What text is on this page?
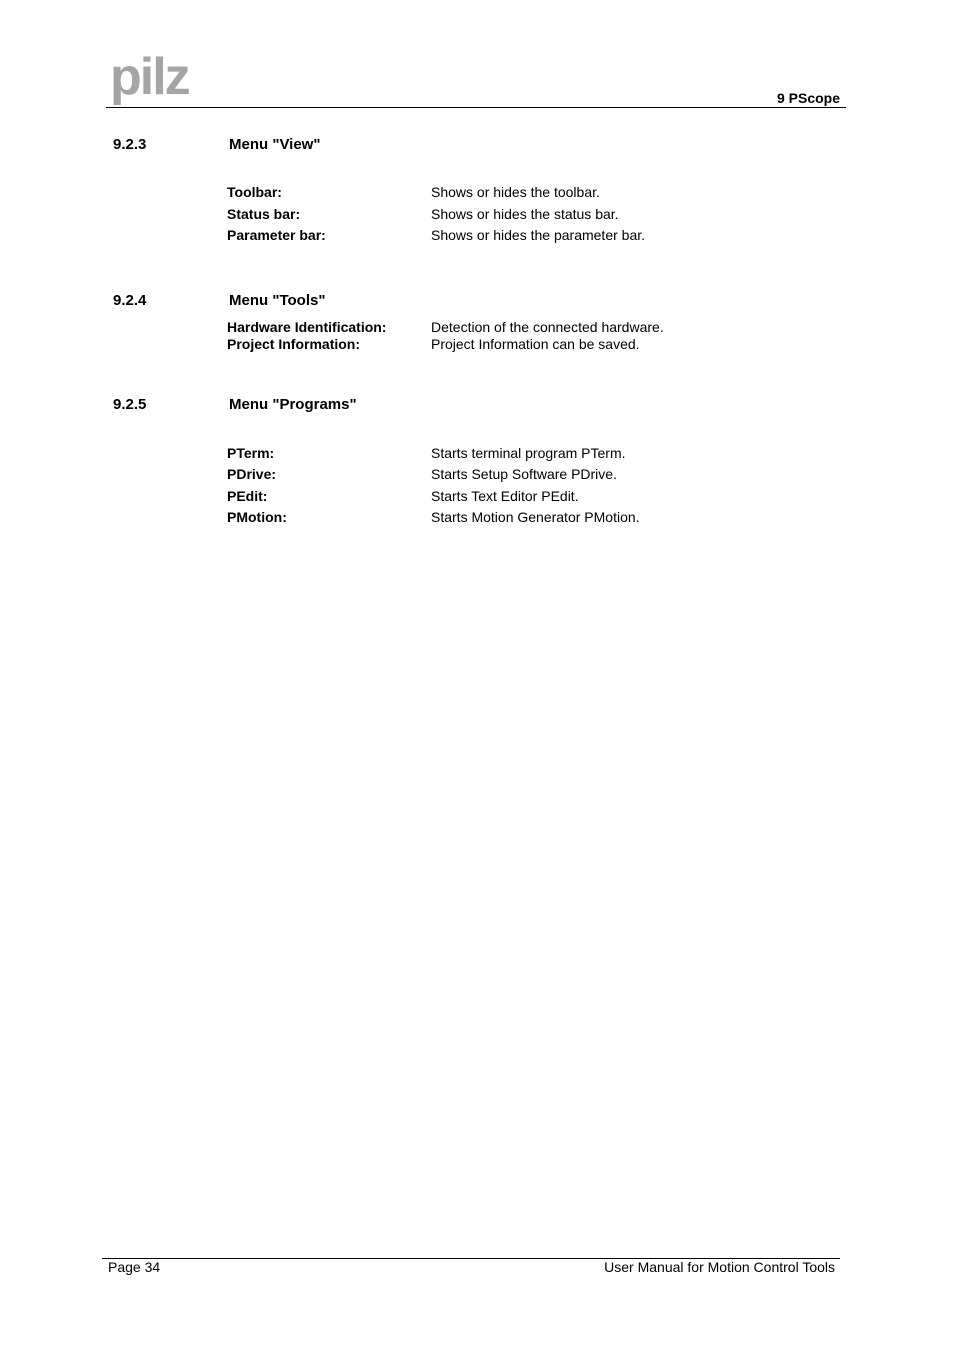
pilz	9 PScope
9.2.3	Menu "View"
Toolbar:	Shows or hides the toolbar.
Status bar:	Shows or hides the status bar.
Parameter bar:	Shows or hides the parameter bar.
9.2.4	Menu "Tools"
Hardware Identification:	Detection of the connected hardware.
Project Information:	Project Information can be saved.
9.2.5	Menu "Programs"
PTerm:	Starts terminal program PTerm.
PDrive:	Starts Setup Software PDrive.
PEdit:	Starts Text Editor PEdit.
PMotion:	Starts Motion Generator PMotion.
Page 34	User Manual for Motion Control Tools
